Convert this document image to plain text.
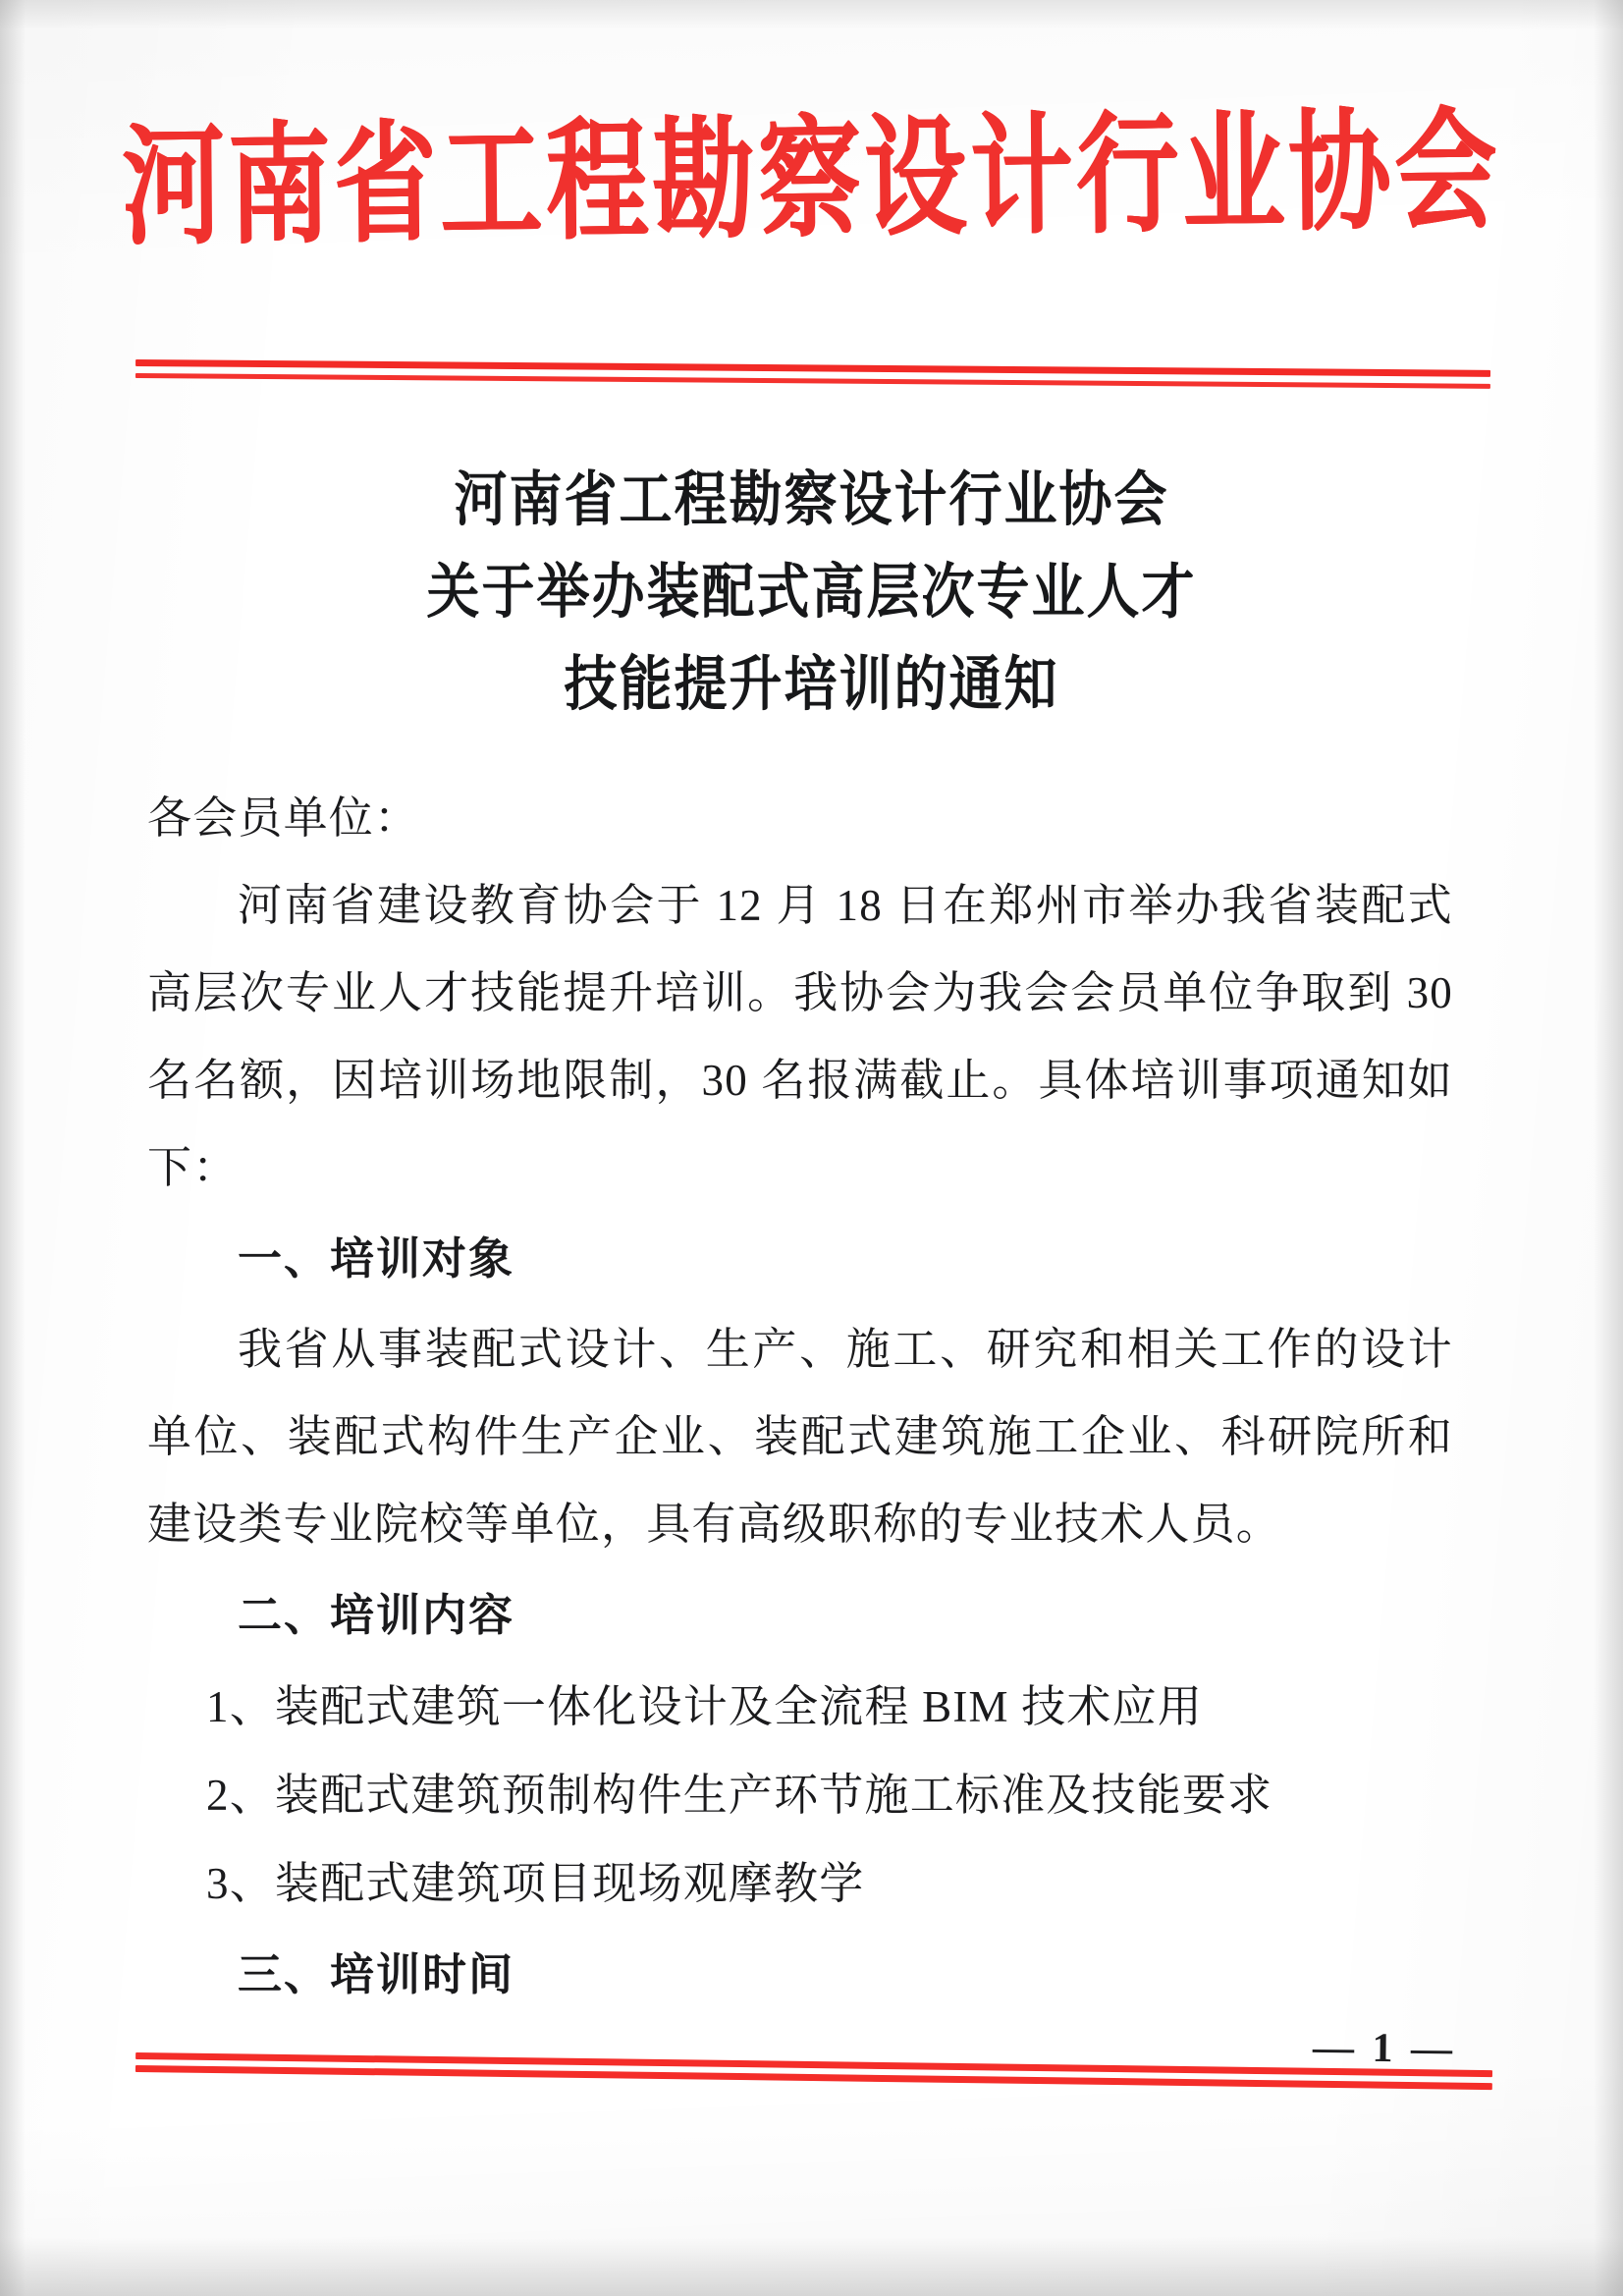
河南省工程勘察设计行业协会
河南省工程勘察设计行业协会
关于举办装配式高层次专业人才
技能提升培训的通知

各会员单位：

河南省建设教育协会于 12 月 18 日在郑州市举办我省装配式高层次专业人才技能提升培训。我协会为我会会员单位争取到 30 名名额，因培训场地限制，30 名报满截止。具体培训事项通知如下：

一、培训对象

我省从事装配式设计、生产、施工、研究和相关工作的设计单位、装配式构件生产企业、装配式建筑施工企业、科研院所和建设类专业院校等单位，具有高级职称的专业技术人员。

二、培训内容

1、装配式建筑一体化设计及全流程 BIM 技术应用

2、装配式建筑预制构件生产环节施工标准及技能要求

3、装配式建筑项目现场观摩教学

三、培训时间
— 1 —
